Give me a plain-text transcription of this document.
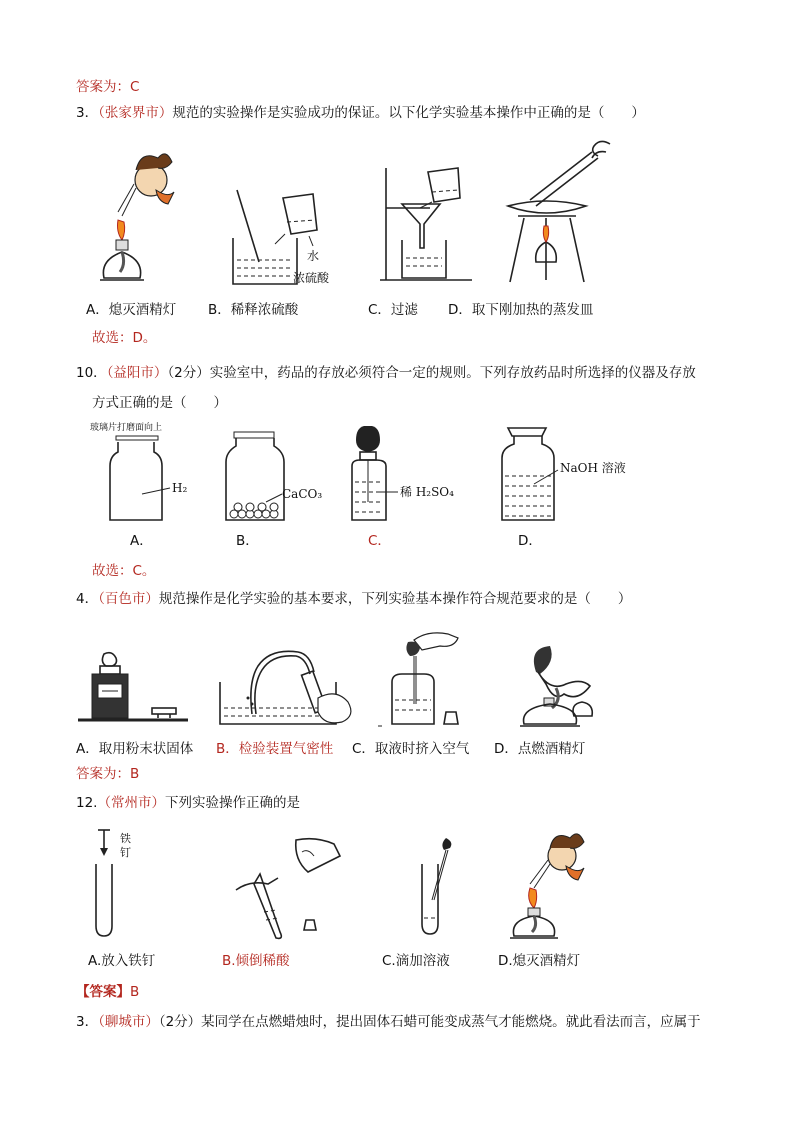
答案为：C
3．（张家界市）规范的实验操作是实验成功的保证。以下化学实验基本操作中正确的是（　　）
水
浓硫酸
A．熄灭酒精灯 B．稀释浓硫酸	C．过滤 D．取下刚加热的蒸发皿
故选：D。
10．（益阳市）（2分）实验室中，药品的存放必须符合一定的规则。下列存放药品时所选择的仪器及存放
方式正确的是（　　）
玻璃片打磨面向上
H₂	CaCO₃	稀 H₂SO₄
NaOH 溶液
A．	B．	C．	D．
故选：C。
4．（百色市）规范操作是化学实验的基本要求，下列实验基本操作符合规范要求的是（　　）
A．取用粉末状固体 B．检验装置气密性 C．取液时挤入空气 D．点燃酒精灯
答案为：B
12.（常州市）下列实验操作正确的是
铁
钉
A.放入铁钉	B.倾倒稀酸	C.滴加溶液	D.熄灭酒精灯
【答案】B
3．（聊城市）（2分）某同学在点燃蜡烛时，提出固体石蜡可能变成蒸气才能燃烧。就此看法而言，应属于
